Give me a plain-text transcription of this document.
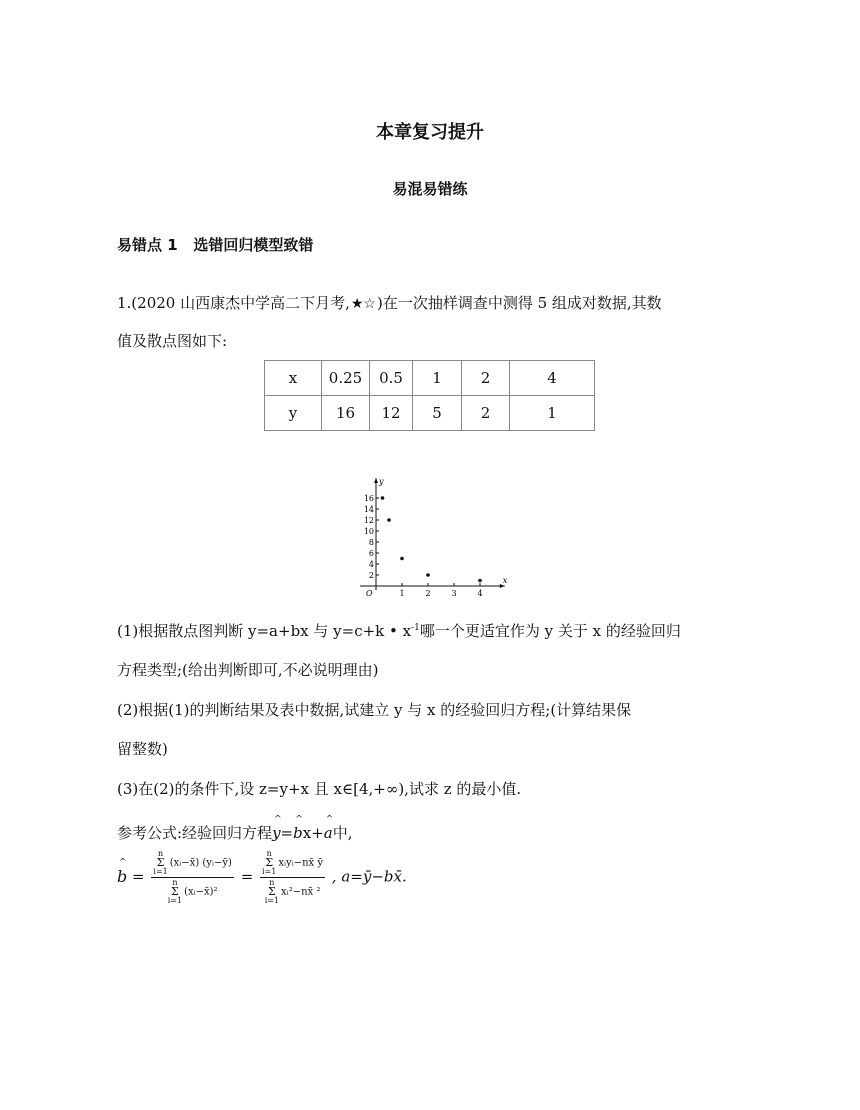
本章复习提升
易混易错练
易错点 1   选错回归模型致错
1.(2020 山西康杰中学高二下月考,★☆)在一次抽样调查中测得 5 组成对数据,其数
值及散点图如下:
x	0.25	0.5	1	2	4
y	16	12	5	2	1
x
y
O	1	2	3	4
2
4
6
8
10
12
14
16
(1)根据散点图判断 y=a+bx 与 y=c+k • $x^{-1}$哪一个更适宜作为 y 关于 x 的经验回归
方程类型;(给出判断即可,不必说明理由)
(2)根据(1)的判断结果及表中数据,试建立 y 与 x 的经验回归方程;(计算结果保
留整数)
(3)在(2)的条件下,设 z=y+x 且 x∈[4,+∞),试求 z 的最小值.
参考公式:经验回归方程^ y=^ bx+^ a中,
^ b = n
Σ
i=1
(xᵢ−x̄) (yᵢ−ȳ)
n
Σ
i=1
(xᵢ−x̄)² = n
Σ
i=1
xᵢyᵢ−nx̄ ȳ
n
Σ
i=1
xᵢ²−nx̄ ² , a=ȳ−bx̄.
